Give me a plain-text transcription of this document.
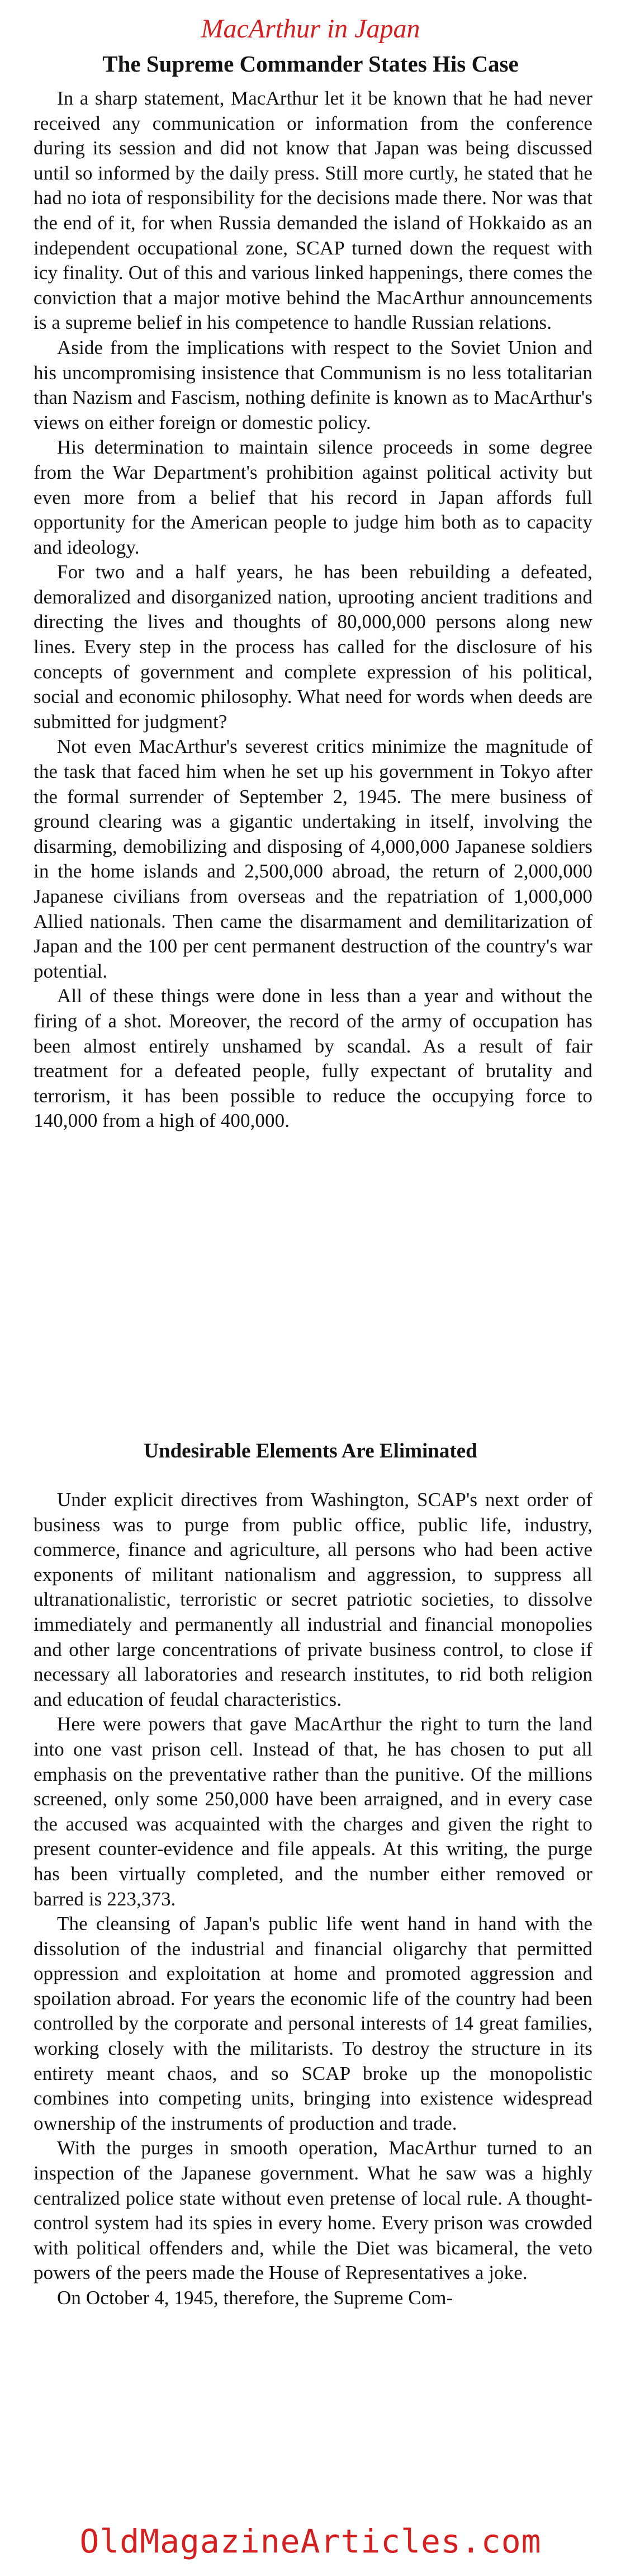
MacArthur in Japan
The Supreme Commander States His Case

In a sharp statement, MacArthur let it be known that he had never received any communication or information from the conference during its session and did not know that Japan was being discussed until so informed by the daily press. Still more curtly, he stated that he had no iota of responsibility for the decisions made there. Nor was that the end of it, for when Russia demanded the island of Hokkaido as an independent occupational zone, SCAP turned down the request with icy finality. Out of this and various linked happenings, there comes the conviction that a major motive behind the MacArthur announcements is a supreme belief in his competence to handle Russian relations.

Aside from the implications with respect to the Soviet Union and his uncompromising insistence that Communism is no less totalitarian than Nazism and Fascism, nothing definite is known as to MacArthur's views on either foreign or domestic policy.

His determination to maintain silence proceeds in some degree from the War Department's prohibition against political activity but even more from a belief that his record in Japan affords full opportunity for the American people to judge him both as to capacity and ideology.

For two and a half years, he has been rebuilding a defeated, demoralized and disorganized nation, uprooting ancient traditions and directing the lives and thoughts of 80,000,000 persons along new lines. Every step in the process has called for the disclosure of his concepts of government and complete expression of his political, social and economic philosophy. What need for words when deeds are submitted for judgment?

Not even MacArthur's severest critics minimize the magnitude of the task that faced him when he set up his government in Tokyo after the formal surrender of September 2, 1945. The mere business of ground clearing was a gigantic undertaking in itself, involving the disarming, demobilizing and disposing of 4,000,000 Japanese soldiers in the home islands and 2,500,000 abroad, the return of 2,000,000 Japanese civilians from overseas and the repatriation of 1,000,000 Allied nationals. Then came the disarmament and demilitarization of Japan and the 100 per cent permanent destruction of the country's war potential.

All of these things were done in less than a year and without the firing of a shot. Moreover, the record of the army of occupation has been almost entirely unshamed by scandal. As a result of fair treatment for a defeated people, fully expectant of brutality and terrorism, it has been possible to reduce the occupying force to 140,000 from a high of 400,000.

Undesirable Elements Are Eliminated

Under explicit directives from Washington, SCAP's next order of business was to purge from public office, public life, industry, commerce, finance and agriculture, all persons who had been active exponents of militant nationalism and aggression, to suppress all ultranationalistic, terroristic or secret patriotic societies, to dissolve immediately and permanently all industrial and financial monopolies and other large concentrations of private business control, to close if necessary all laboratories and research institutes, to rid both religion and education of feudal characteristics.

Here were powers that gave MacArthur the right to turn the land into one vast prison cell. Instead of that, he has chosen to put all emphasis on the preventative rather than the punitive. Of the millions screened, only some 250,000 have been arraigned, and in every case the accused was acquainted with the charges and given the right to present counter-evidence and file appeals. At this writing, the purge has been virtually completed, and the number either removed or barred is 223,373.

The cleansing of Japan's public life went hand in hand with the dissolution of the industrial and financial oligarchy that permitted oppression and exploitation at home and promoted aggression and spoilation abroad. For years the economic life of the country had been controlled by the corporate and personal interests of 14 great families, working closely with the militarists. To destroy the structure in its entirety meant chaos, and so SCAP broke up the monopolistic combines into competing units, bringing into existence widespread ownership of the instruments of production and trade.

With the purges in smooth operation, MacArthur turned to an inspection of the Japanese government. What he saw was a highly centralized police state without even pretense of local rule. A thought-control system had its spies in every home. Every prison was crowded with political offenders and, while the Diet was bicameral, the veto powers of the peers made the House of Representatives a joke.

On October 4, 1945, therefore, the Supreme Com-

OldMagazineArticles.com
